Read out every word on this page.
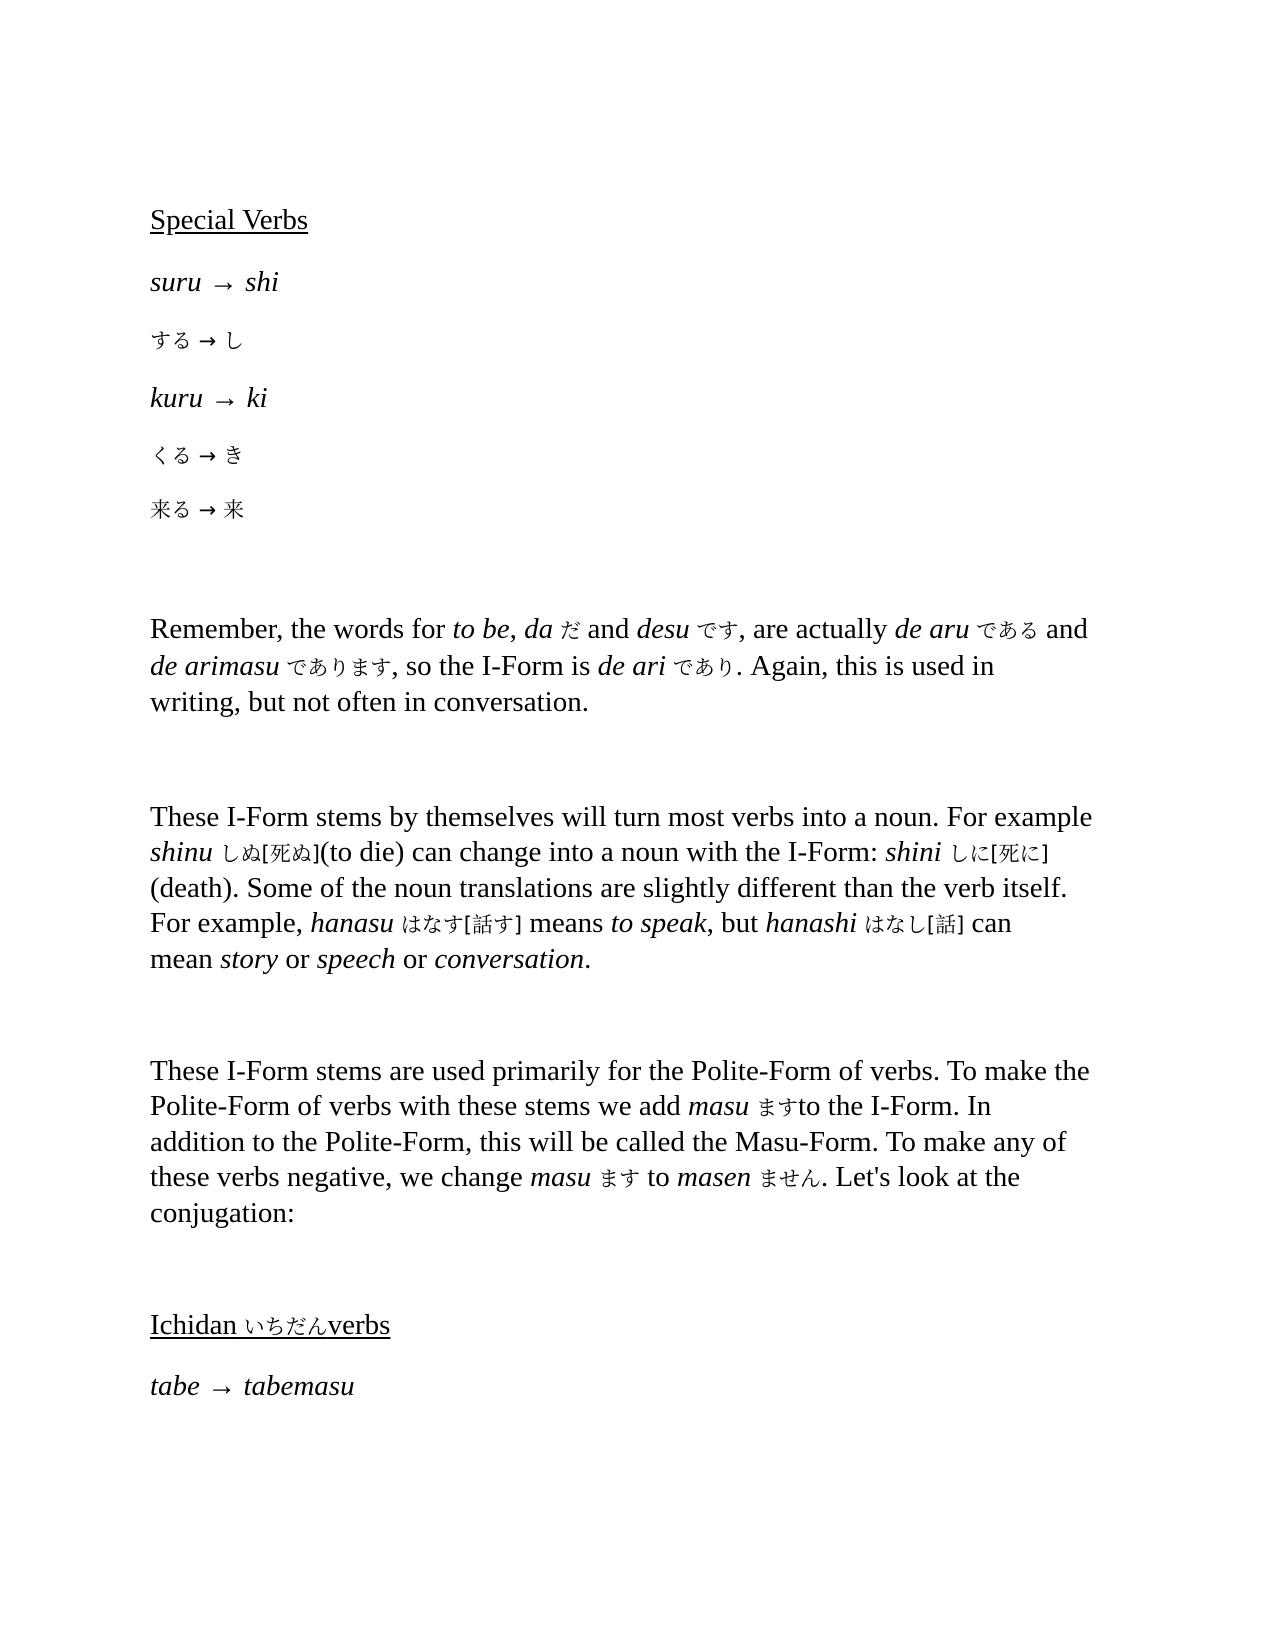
Special Verbs
suru → shi
する → し
kuru → ki
くる → き
来る → 来

Remember, the words for to be, da だ and desu です, are actually de aru である and
de arimasu であります, so the I-Form is de ari であり. Again, this is used in
writing, but not often in conversation.

These I-Form stems by themselves will turn most verbs into a noun. For example
shinu しぬ[死ぬ](to die) can change into a noun with the I-Form: shini しに[死に]
(death). Some of the noun translations are slightly different than the verb itself.
For example, hanasu はなす[話す] means to speak, but hanashi はなし[話] can
mean story or speech or conversation.

These I-Form stems are used primarily for the Polite-Form of verbs. To make the
Polite-Form of verbs with these stems we add masu ますto the I-Form. In
addition to the Polite-Form, this will be called the Masu-Form. To make any of
these verbs negative, we change masu ます to masen ません. Let's look at the
conjugation:

Ichidan いちだんverbs
tabe → tabemasu
